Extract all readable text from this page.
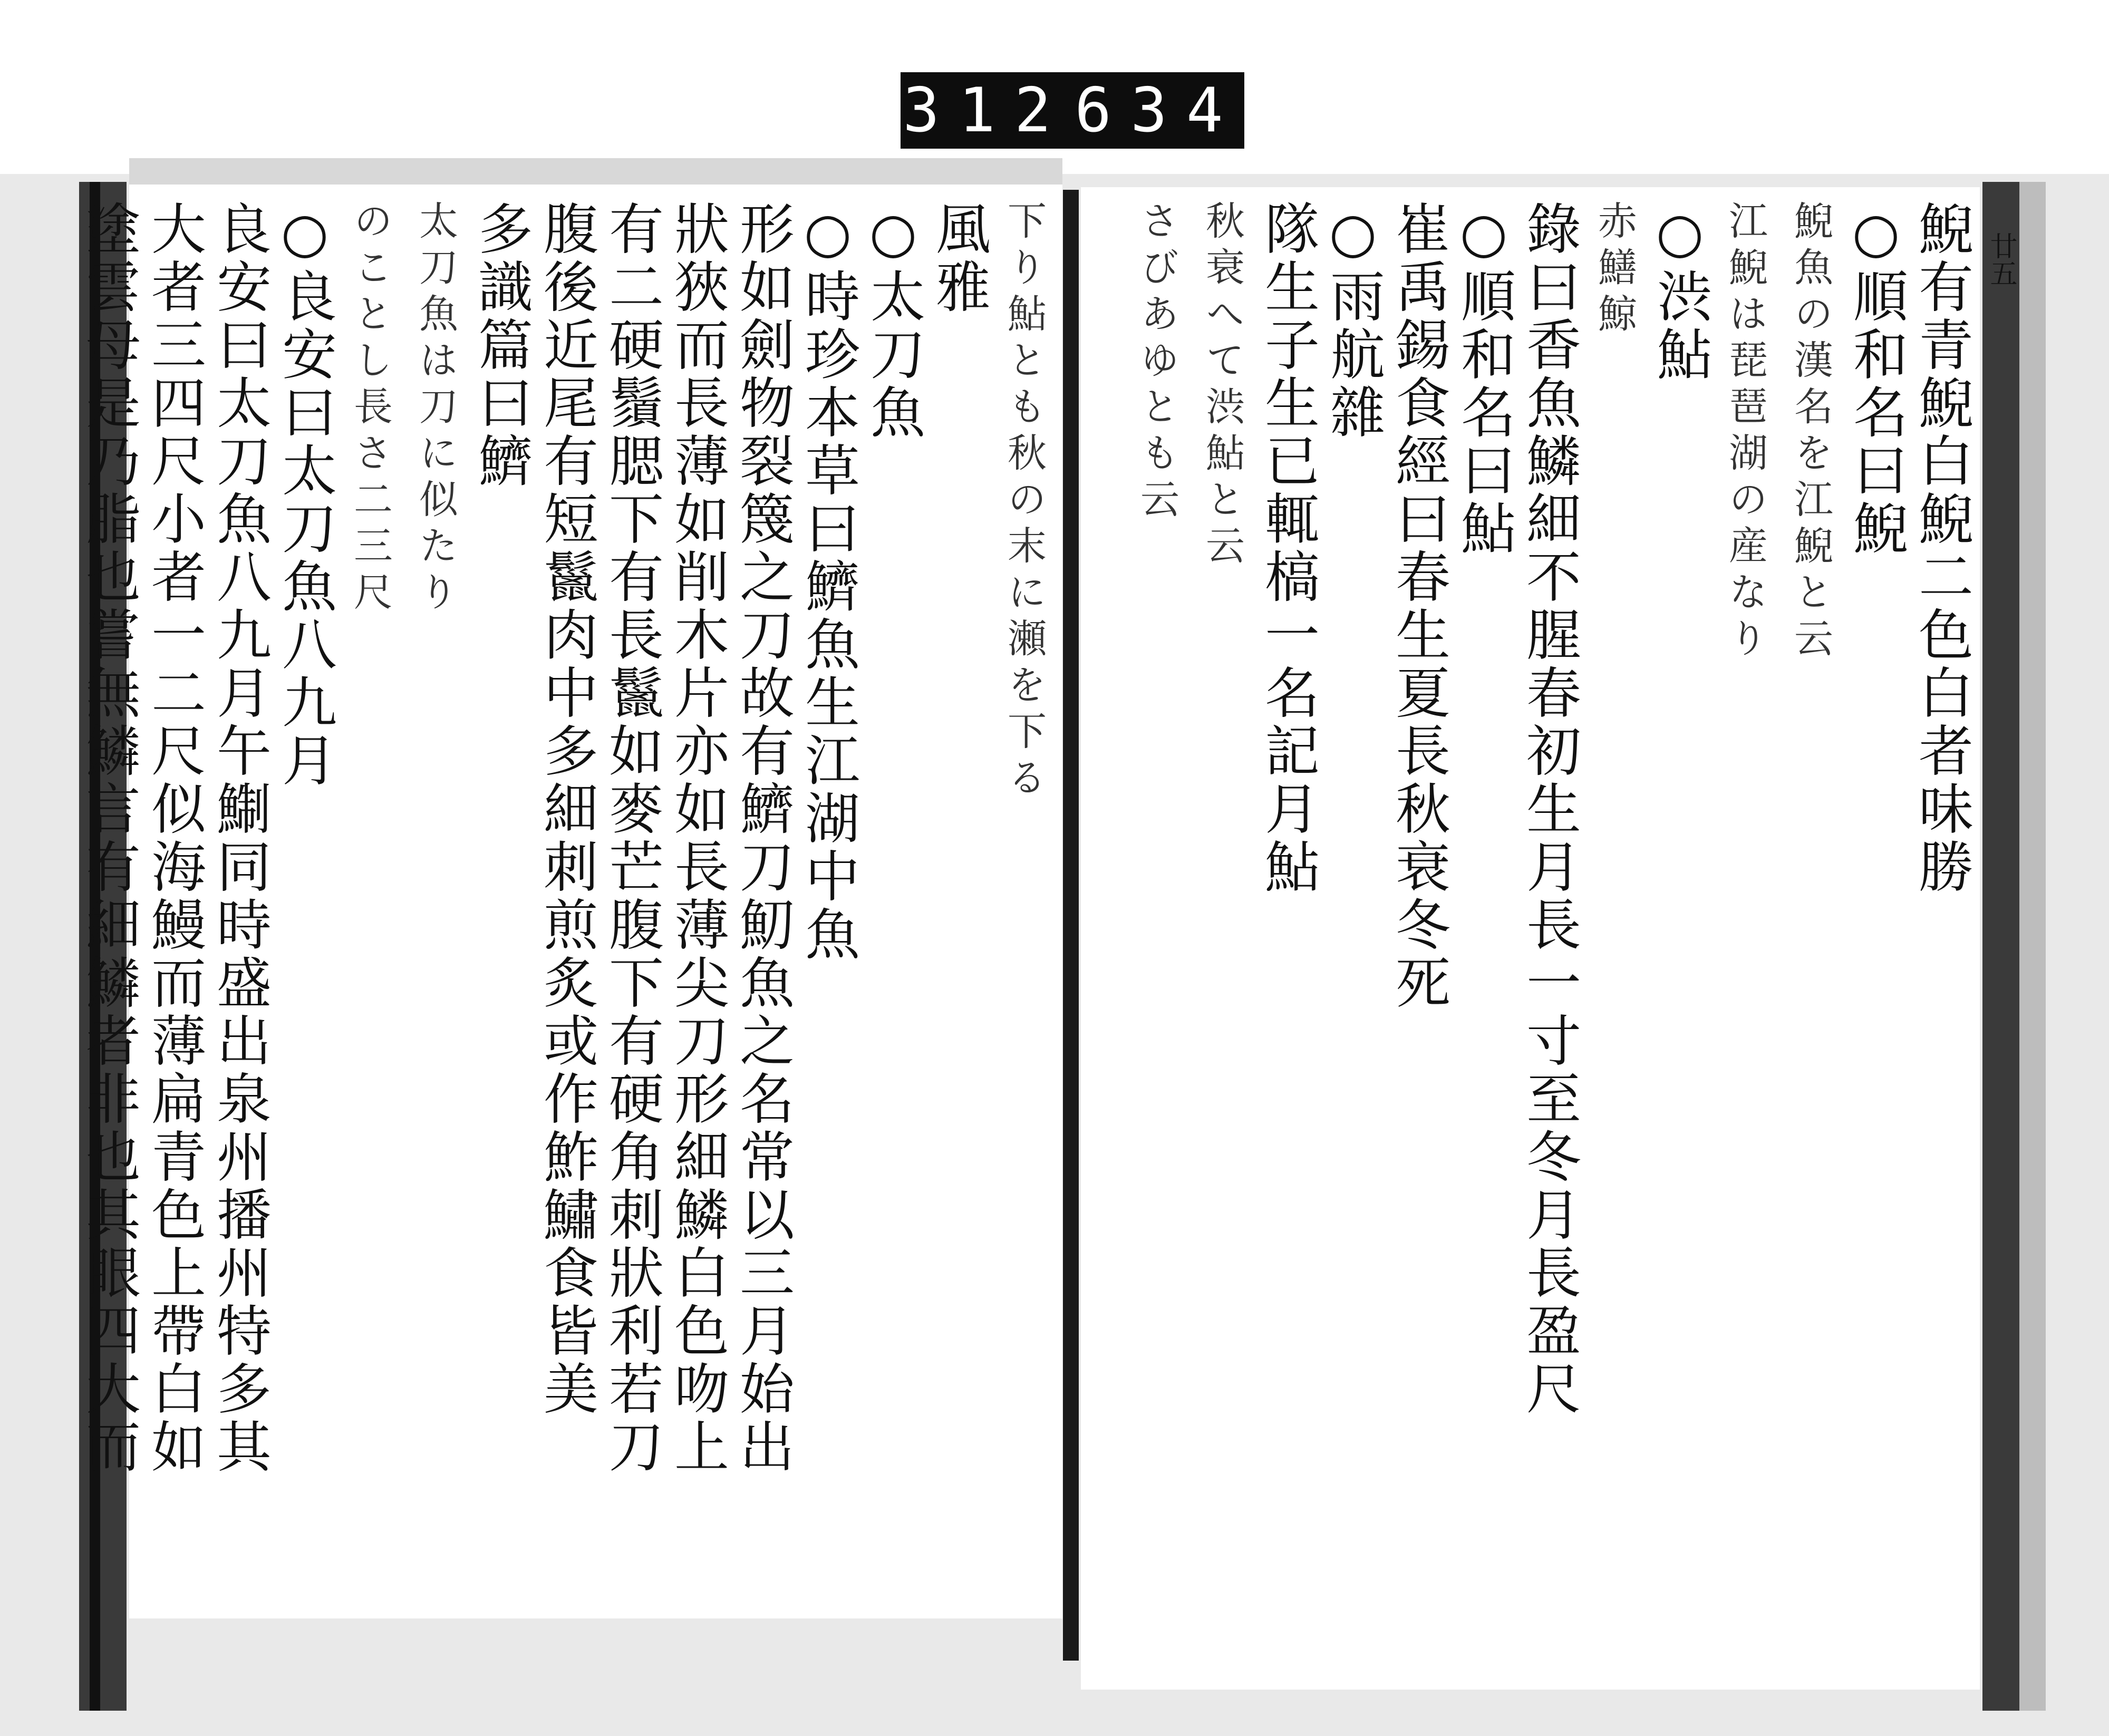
312 634
廿五
鯢有青鯢白鯢二色白者味勝
○順和名曰鯢
鯢魚の漢名を江鯢と云
江鯢は琵琶湖の産なり
○渋鮎
赤鱔鯨
錄曰香魚鱗細不腥春初生月長一寸至冬月長盈尺
○順和名曰鮎
崔禹錫食經曰春生夏長秋衰冬死
○雨航雜
隊生子生已輒槁一名記月鮎
秋衰へて渋鮎と云
さびあゆとも云
下り鮎とも秋の末に瀬を下る
風雅
○太刀魚
○時珍本草曰鱭魚生江湖中魚
形如劍物裂篾之刀故有鱭刀魛魚之名常以三月始出
狀狹而長薄如削木片亦如長薄尖刀形細鱗白色吻上
有二硬鬚腮下有長鬣如麥芒腹下有硬角刺狀利若刀
腹後近尾有短鬣肉中多細刺煎炙或作鮓鱐食皆美
多識篇曰鱭
太刀魚は刀に似たり
のことし長さ二三尺
○良安曰太刀魚八九月
良安曰太刀魚八九月午鯯同時盛出泉州播州特多其
大者三四尺小者一二尺似海鰻而薄扁青色上帶白如
塗雲母是乃脂也嘗無鱗言有細鱗者非也其眼四大而
